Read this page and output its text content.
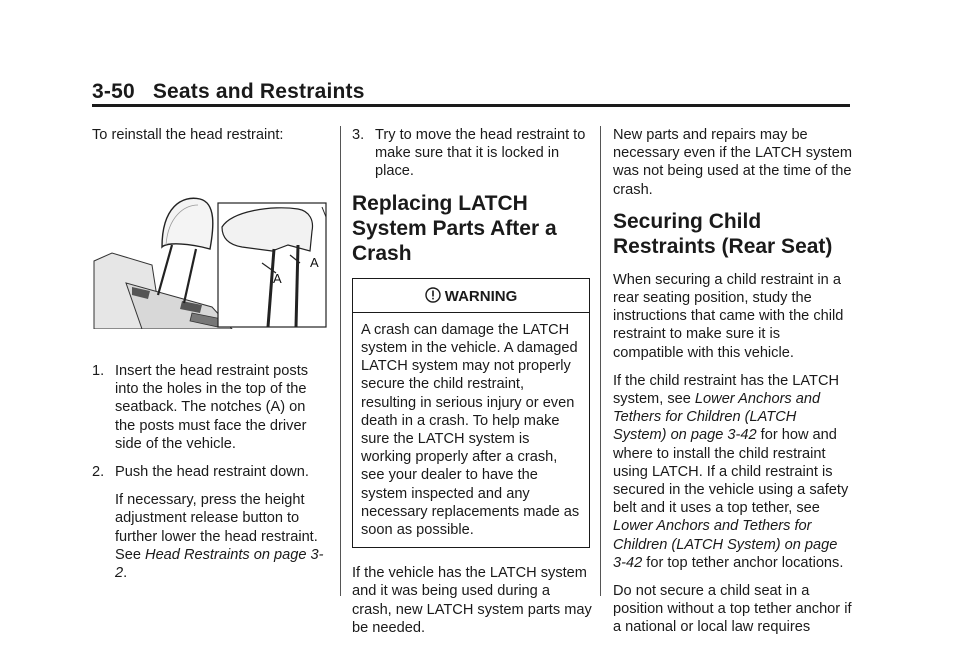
3-50 Seats and Restraints

To reinstall the head restraint:

A
A
1. Insert the head restraint posts into the holes in the top of the seatback. The notches (A) on the posts must face the driver side of the vehicle.
2. Push the head restraint down.
If necessary, press the height adjustment release button to further lower the head restraint. See Head Restraints on page 3-2.
3. Try to move the head restraint to make sure that it is locked in place.
Replacing LATCH System Parts After a Crash
WARNING
A crash can damage the LATCH system in the vehicle. A damaged LATCH system may not properly secure the child restraint, resulting in serious injury or even death in a crash. To help make sure the LATCH system is working properly after a crash, see your dealer to have the system inspected and any necessary replacements made as soon as possible.

If the vehicle has the LATCH system and it was being used during a crash, new LATCH system parts may be needed.

New parts and repairs may be necessary even if the LATCH system was not being used at the time of the crash.

Securing Child Restraints (Rear Seat)

When securing a child restraint in a rear seating position, study the instructions that came with the child restraint to make sure it is compatible with this vehicle.

If the child restraint has the LATCH system, see Lower Anchors and Tethers for Children (LATCH System) on page 3-42 for how and where to install the child restraint using LATCH. If a child restraint is secured in the vehicle using a safety belt and it uses a top tether, see Lower Anchors and Tethers for Children (LATCH System) on page 3-42 for top tether anchor locations.

Do not secure a child seat in a position without a top tether anchor if a national or local law requires
